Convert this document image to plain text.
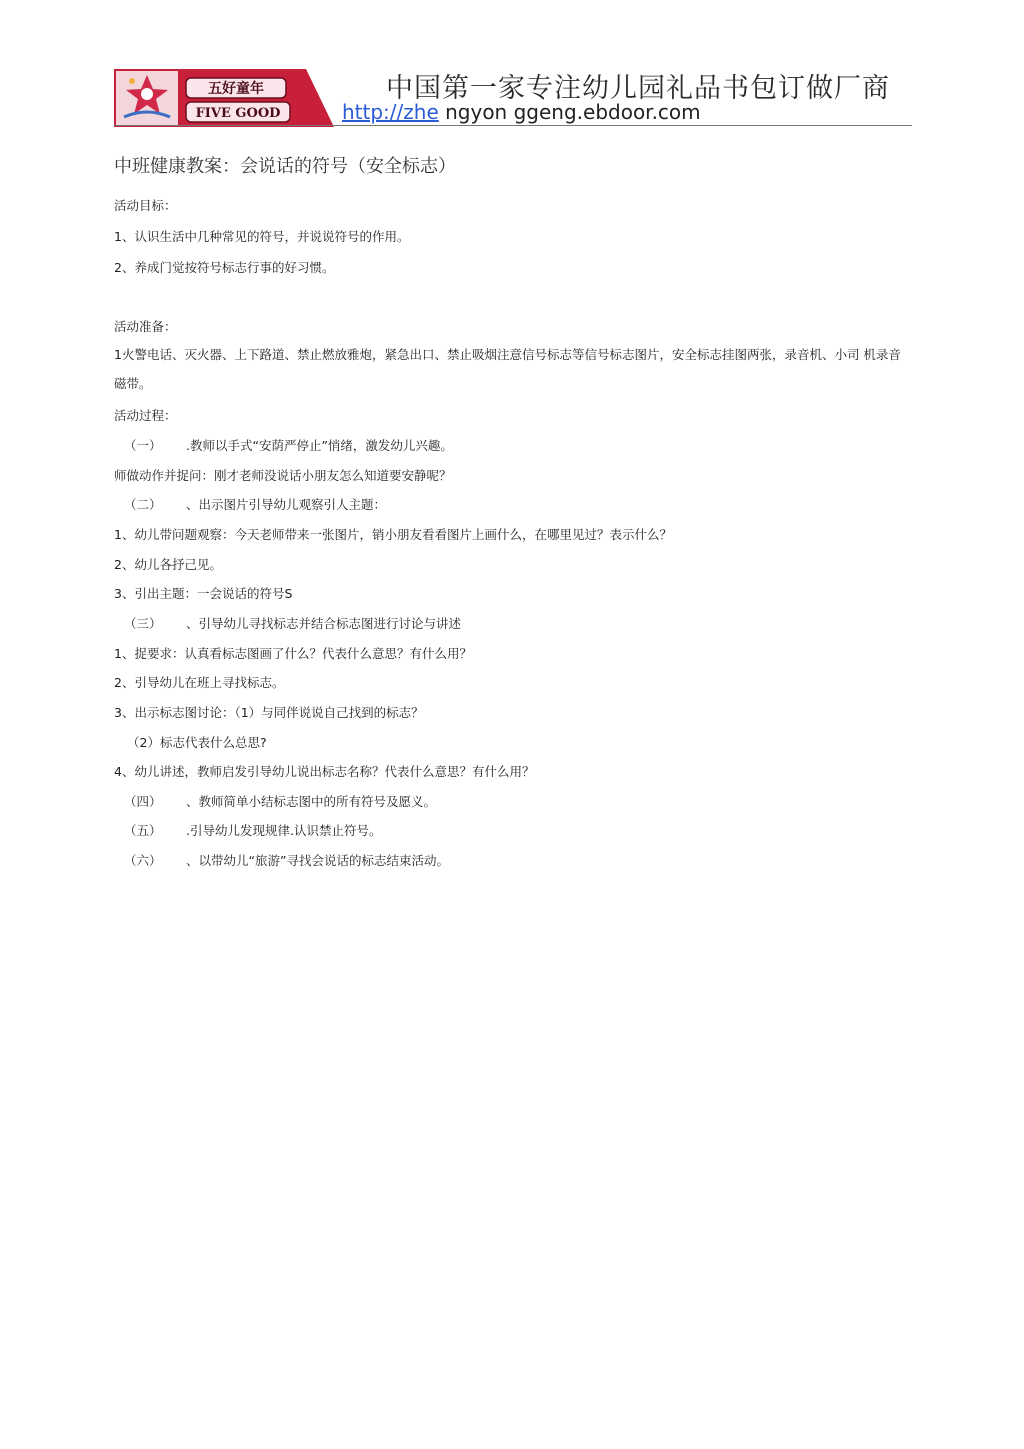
五好童年
FIVE GOOD
中国第一家专注幼儿园礼品书包订做厂商
http://zhe ngyon ggeng.ebdoor.com
中班健康教案：会说话的符号（安全标志）
活动目标：
1、认识生活中几种常见的符号，并说说符号的作用。
2、养成门觉按符号标志行事的好习惯。
活动准备：
1火警电话、灭火器、上下路道、禁止燃放雅炮，紧急出口、禁止吸烟注意信号标志等信号标志图片，安全标志挂图两张，录音机、小司 机录音磁带。
活动过程：
（一） .教师以手式“安荫严停止”悄绪，激发幼儿兴趣。
师做动作并捉问：刚才老师没说话小朋友怎么知道要安静呢？
（二） 、出示图片引导幼儿观察引人主题：
1、幼儿带问题观察：今天老师带来一张图片，销小朋友看看图片上画什么，在哪里见过？表示什么？
2、幼儿各抒己见。
3、引出主题：一会说话的符号S
（三） 、引导幼儿寻找标志并结合标志图进行讨论与讲述
1、捉要求：认真看标志图画了什么？代表什么意思？有什么用？
2、引导幼儿在班上寻找标志。
3、出示标志图讨论：（1）与同伴说说自己找到的标志？
（2）标志代表什么总思?
4、幼儿讲述，教师启发引导幼儿说出标志名称？代表什么意思？有什么用？
（四） 、教师简单小结标志图中的所有符号及愿义。
（五） .引导幼儿发现规律.认识禁止符号。
（六） 、以带幼儿“旅游”寻找会说话的标志结束活动。
